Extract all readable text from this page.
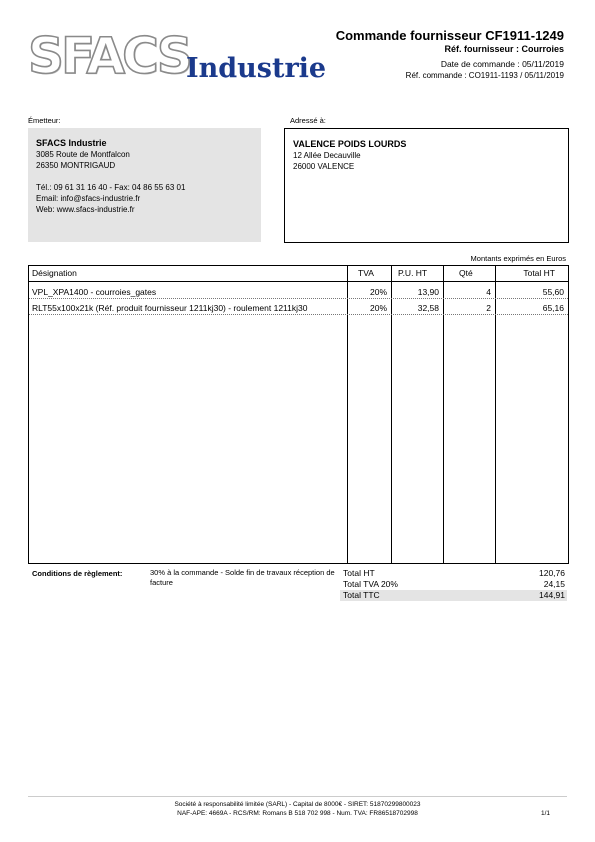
SFACS
Industrie
Commande fournisseur CF1911-1249
Réf. fournisseur : Courroies
Date de commande : 05/11/2019
Réf. commande : CO1911-1193 / 05/11/2019
Émetteur:
SFACS Industrie
3085 Route de Montfalcon
26350 MONTRIGAUD
Tél.: 09 61 31 16 40 - Fax: 04 86 55 63 01
Email: info@sfacs-industrie.fr
Web: www.sfacs-industrie.fr
Adressé à:
VALENCE POIDS LOURDS
12 Allée Decauville
26000 VALENCE
Montants exprimés en Euros
Désignation	TVA	P.U. HT	Qté	Total HT
VPL_XPA1400 - courroies_gates	20%	13,90	4	55,60
RLT55x100x21k (Réf. produit fournisseur 1211kj30) - roulement 1211kj30	20%	32,58	2	65,16
Conditions de règlement:	30% à la commande - Solde fin de travaux réception de facture
Total HT	120,76
Total TVA 20%	24,15
Total TTC	144,91
Société à responsabilité limitée (SARL) - Capital de 8000€ - SIRET: 51870299800023
NAF-APE: 4669A - RCS/RM: Romans B 518 702 998 - Num. TVA: FR86518702998	1/1
